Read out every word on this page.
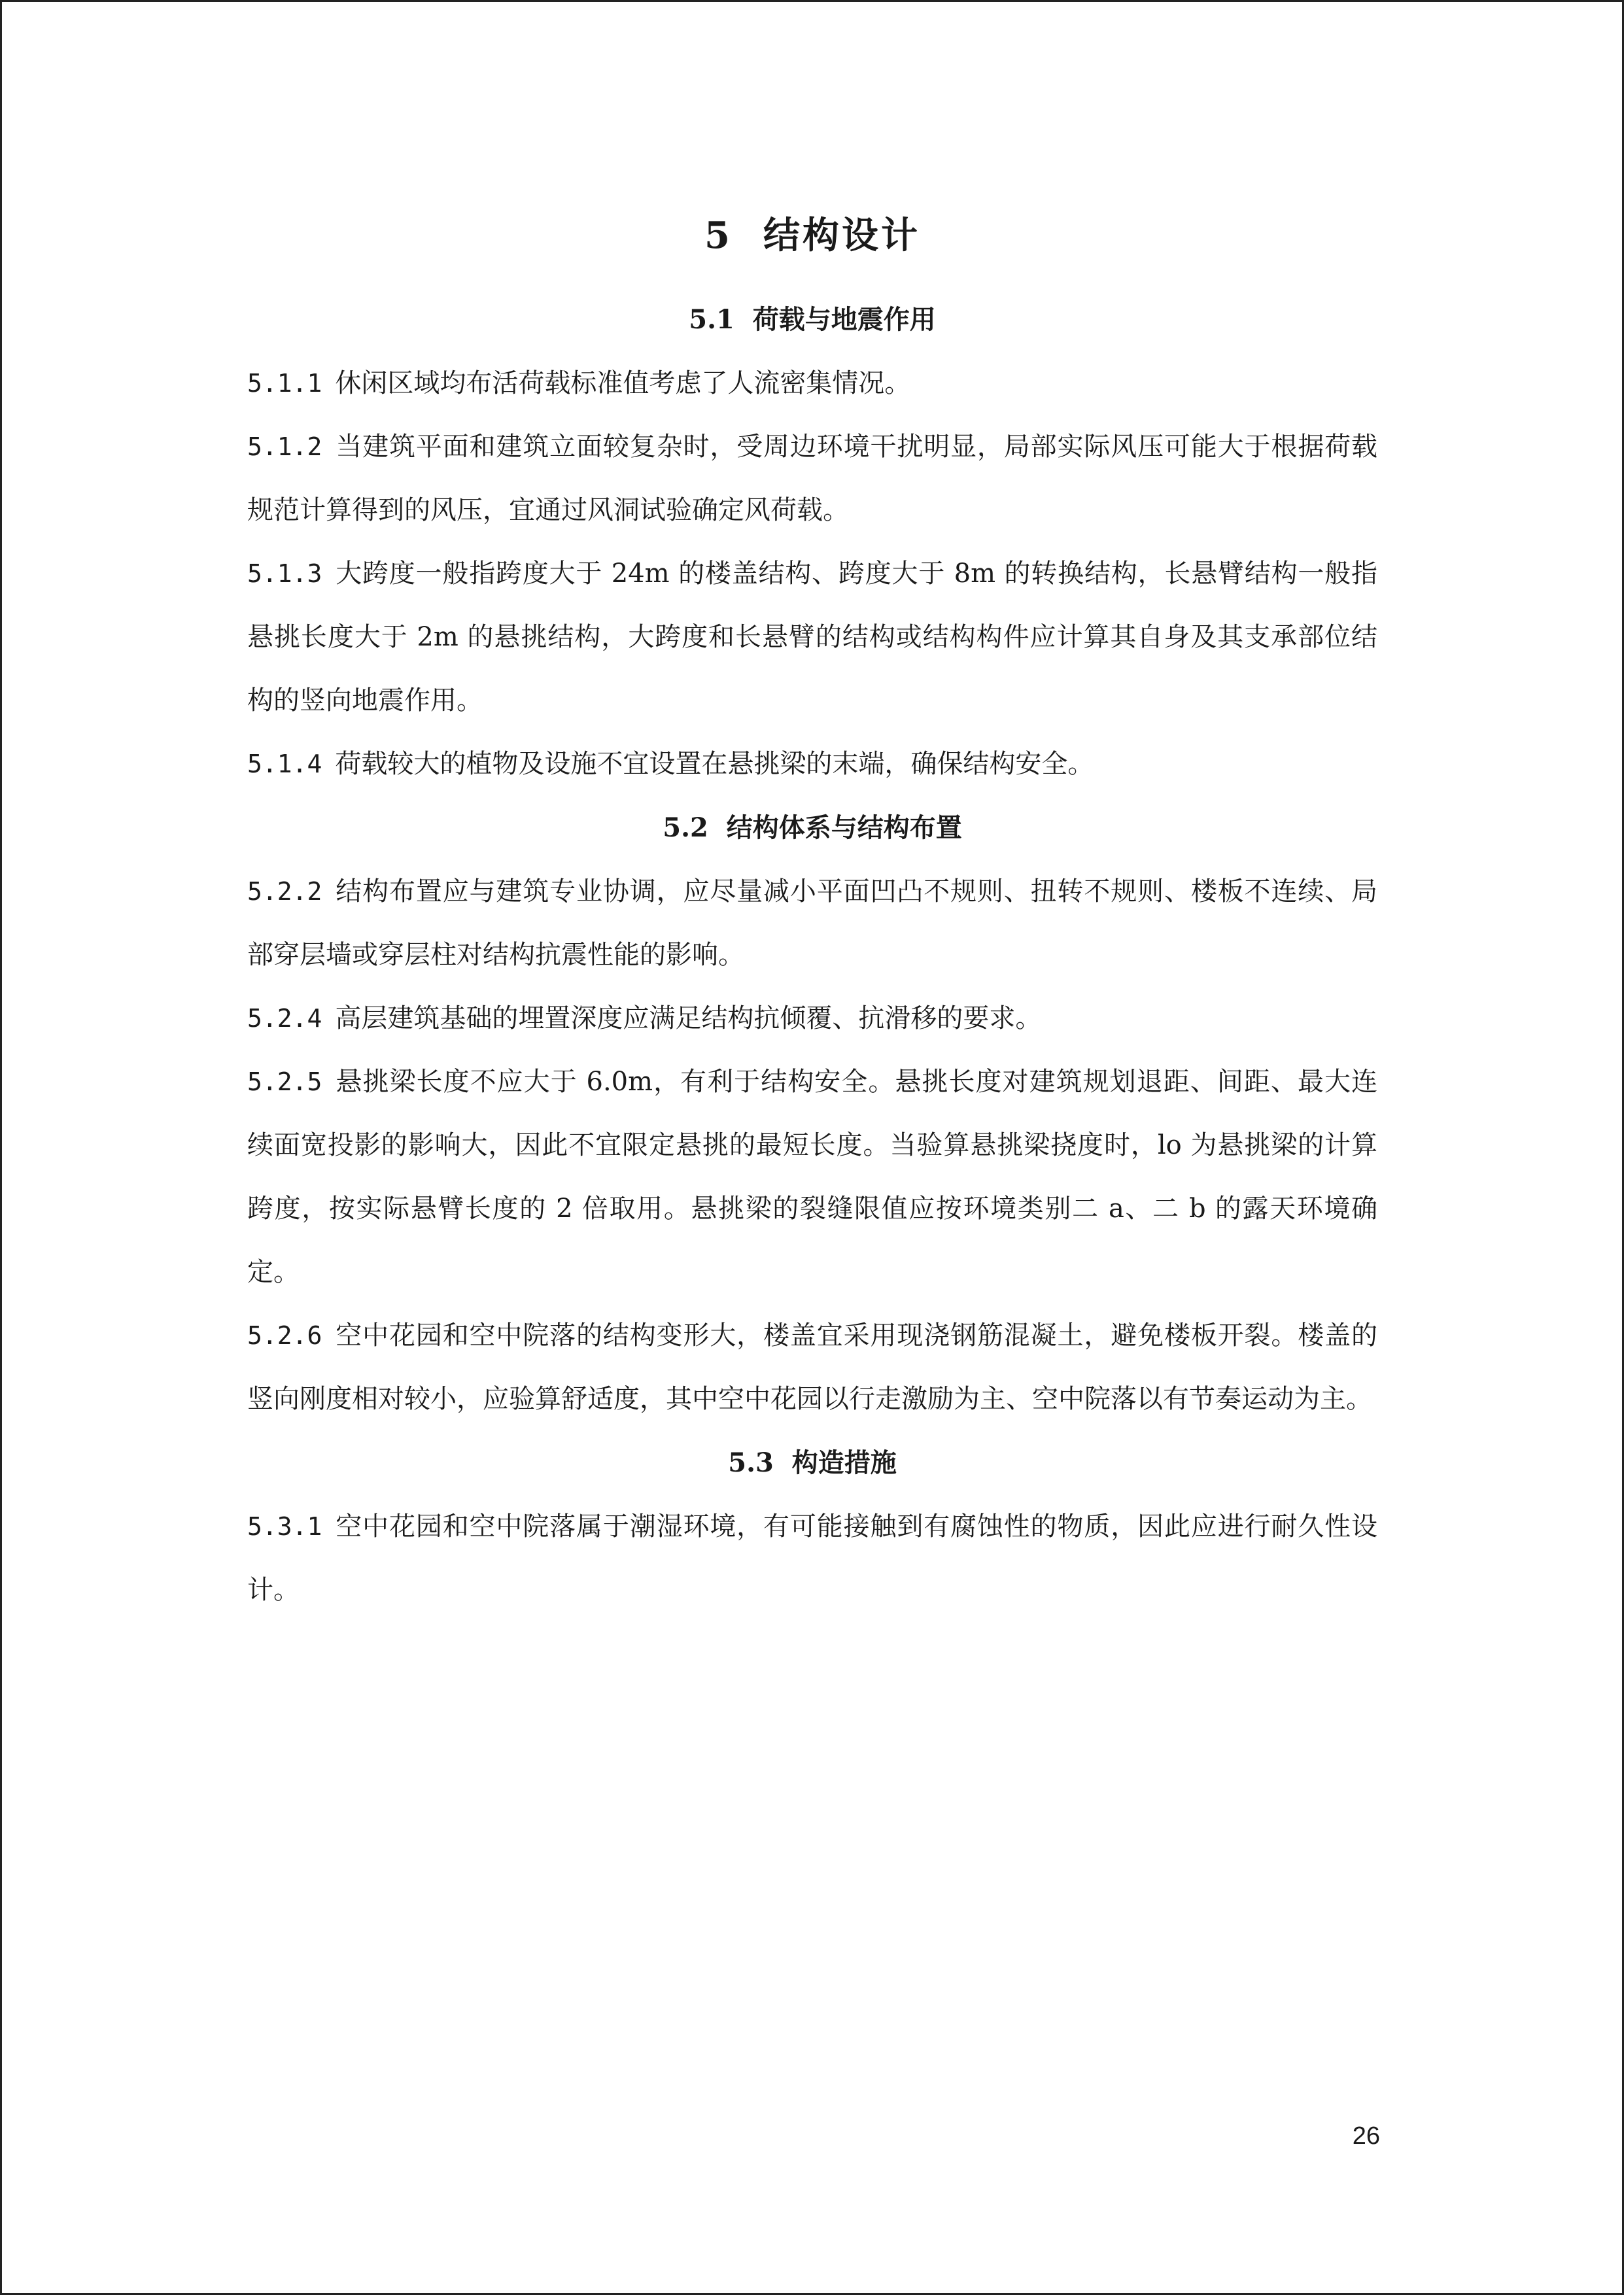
5 结构设计
5.1 荷载与地震作用

5.1.1 休闲区域均布活荷载标准值考虑了人流密集情况。

5.1.2 当建筑平面和建筑立面较复杂时，受周边环境干扰明显，局部实际风压可能大于根据荷载规范计算得到的风压，宜通过风洞试验确定风荷载。

5.1.3 大跨度一般指跨度大于 24m 的楼盖结构、跨度大于 8m 的转换结构，长悬臂结构一般指悬挑长度大于 2m 的悬挑结构，大跨度和长悬臂的结构或结构构件应计算其自身及其支承部位结构的竖向地震作用。

5.1.4 荷载较大的植物及设施不宜设置在悬挑梁的末端，确保结构安全。

5.2 结构体系与结构布置

5.2.2 结构布置应与建筑专业协调，应尽量减小平面凹凸不规则、扭转不规则、楼板不连续、局部穿层墙或穿层柱对结构抗震性能的影响。

5.2.4 高层建筑基础的埋置深度应满足结构抗倾覆、抗滑移的要求。

5.2.5 悬挑梁长度不应大于 6.0m，有利于结构安全。悬挑长度对建筑规划退距、间距、最大连续面宽投影的影响大，因此不宜限定悬挑的最短长度。当验算悬挑梁挠度时，lo 为悬挑梁的计算跨度，按实际悬臂长度的 2 倍取用。悬挑梁的裂缝限值应按环境类别二 a、二 b 的露天环境确定。

5.2.6 空中花园和空中院落的结构变形大，楼盖宜采用现浇钢筋混凝土，避免楼板开裂。楼盖的竖向刚度相对较小，应验算舒适度，其中空中花园以行走激励为主、空中院落以有节奏运动为主。

5.3 构造措施

5.3.1 空中花园和空中院落属于潮湿环境，有可能接触到有腐蚀性的物质，因此应进行耐久性设计。

26
